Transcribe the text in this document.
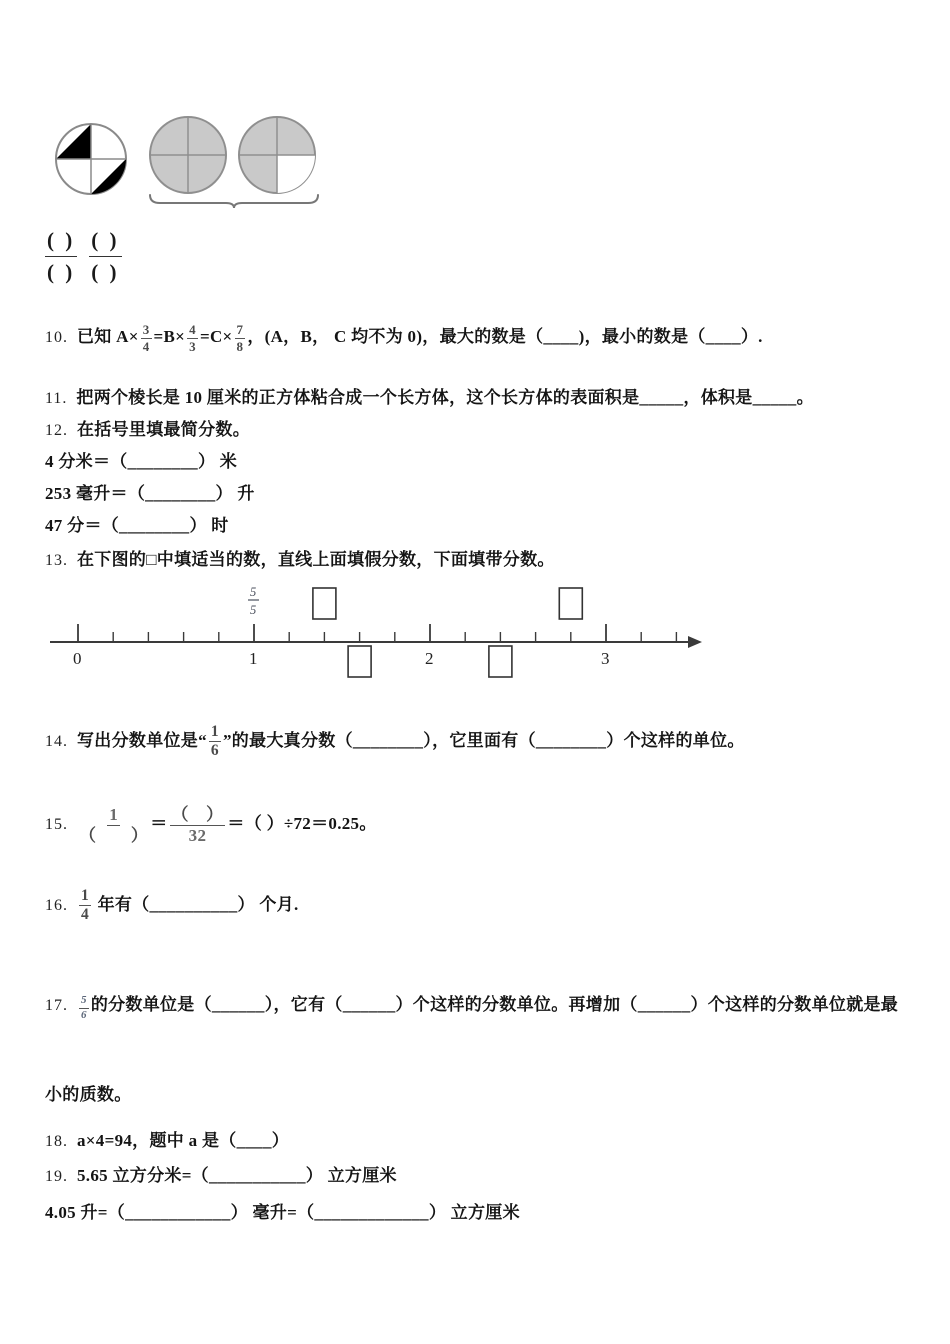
( )
( )
( )
( )
10. 已知 $A\times \frac{3}{4} =B\times \frac{4}{3} =C\times \frac{7}{8}$ ，(A，B， C 均不为 0)，最大的数是（____)，最小的数是（____）.
11. 把两个棱长是 10 厘米的正方体粘合成一个长方体，这个长方体的表面积是_____，体积是_____。
12. 在括号里填最简分数。
4 分米＝（________） 米
253 毫升＝（________） 升
47 分＝（________） 时
13. 在下图的□中填适当的数，直线上面填假分数，下面填带分数。
0	1	2	3
5
5
14. 写出分数单位是“ $\frac{1}{6}$ ”的最大真分数（________），它里面有（________）个这样的单位。
15. $\frac{1}{( )} = \frac{( )}{32}$ ＝（ ）÷72＝0.25。
16. $\frac{1}{4}$ 年有（__________） 个月.
17. $\frac{5}{6}$ 的分数单位是（______），它有（______）个这样的分数单位。再增加（______）个这样的分数单位就是最
小的质数。
18. a×4=94，题中 a 是（____）
19. 5.65 立方分米=（___________） 立方厘米
4.05 升=（____________） 毫升=（_____________） 立方厘米
